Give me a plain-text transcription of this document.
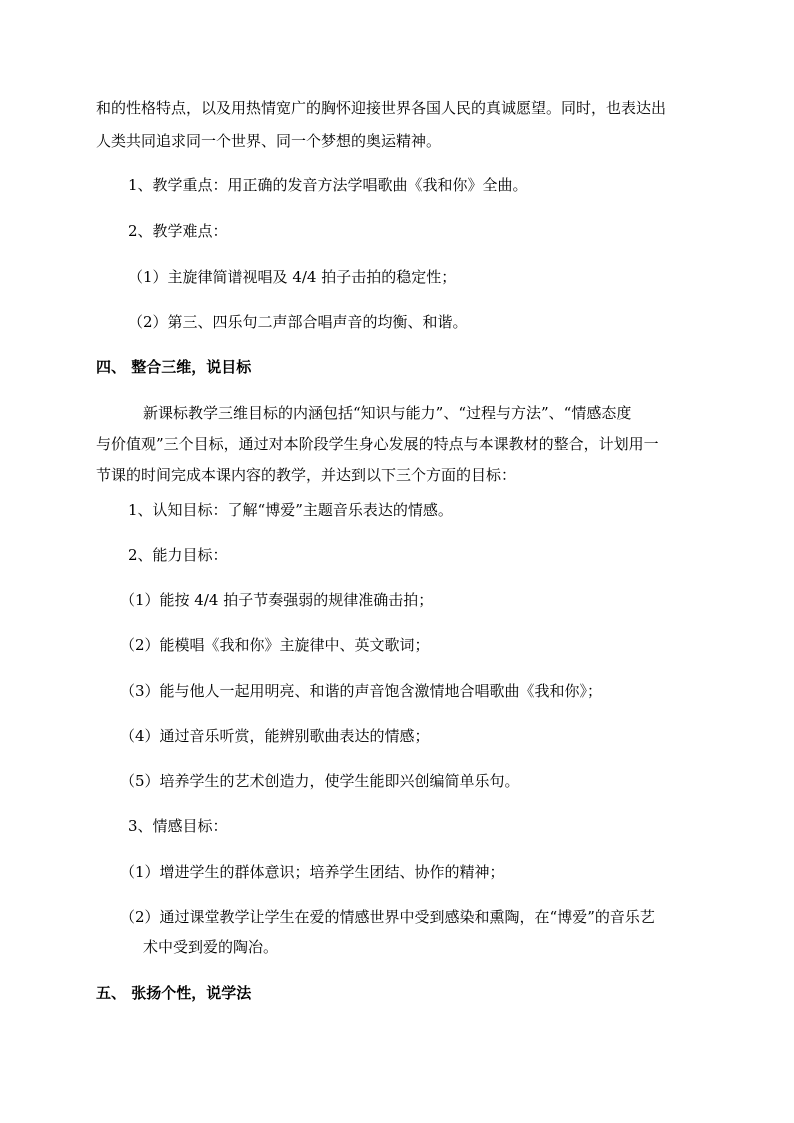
和的性格特点，以及用热情宽广的胸怀迎接世界各国人民的真诚愿望。同时，也表达出
人类共同追求同一个世界、同一个梦想的奥运精神。
1、教学重点：用正确的发音方法学唱歌曲《我和你》全曲。
2、教学难点：
（1）主旋律简谱视唱及 4/4 拍子击拍的稳定性；
（2）第三、四乐句二声部合唱声音的均衡、和谐。
四、 整合三维，说目标
新课标教学三维目标的内涵包括“知识与能力”、“过程与方法”、“情感态度
与价值观”三个目标，通过对本阶段学生身心发展的特点与本课教材的整合，计划用一
节课的时间完成本课内容的教学，并达到以下三个方面的目标：
1、认知目标：了解“博爱”主题音乐表达的情感。
2、能力目标：
（1）能按 4/4 拍子节奏强弱的规律准确击拍；
（2）能模唱《我和你》主旋律中、英文歌词；
（3）能与他人一起用明亮、和谐的声音饱含激情地合唱歌曲《我和你》；
（4）通过音乐听赏，能辨别歌曲表达的情感；
（5）培养学生的艺术创造力，使学生能即兴创编简单乐句。
3、情感目标：
（1）增进学生的群体意识；培养学生团结、协作的精神；
（2）通过课堂教学让学生在爱的情感世界中受到感染和熏陶，在“博爱”的音乐艺
术中受到爱的陶冶。
五、 张扬个性，说学法
